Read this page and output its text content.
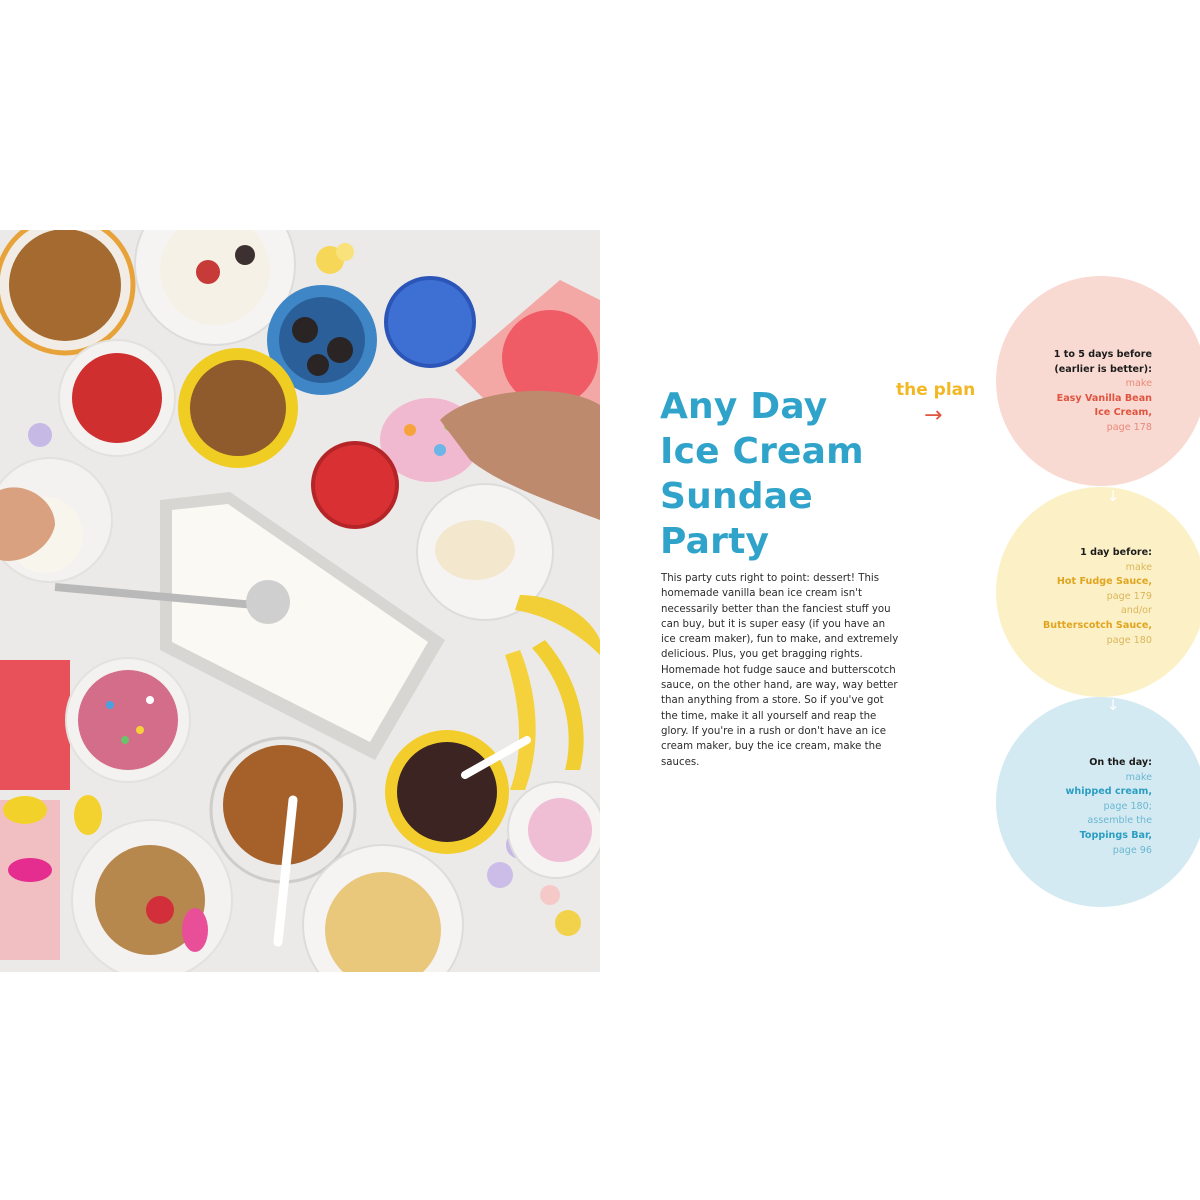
Any Day
Ice Cream
Sundae
Party

This party cuts right to point: dessert! This homemade vanilla bean ice cream isn't necessarily better than the fanciest stuff you can buy, but it is super easy (if you have an ice cream maker), fun to make, and extremely delicious. Plus, you get bragging rights. Homemade hot fudge sauce and butterscotch sauce, on the other hand, are way, way better than anything from a store. So if you've got the time, make it all yourself and reap the glory. If you're in a rush or don't have an ice cream maker, buy the ice cream, make the sauces.

the plan
→
↓
↓
1 to 5 days before
(earlier is better):
make
Easy Vanilla Bean
Ice Cream,
page 178
1 day before:
make
Hot Fudge Sauce,
page 179
and/or
Butterscotch Sauce,
page 180
On the day:
make
whipped cream,
page 180;
assemble the
Toppings Bar,
page 96
